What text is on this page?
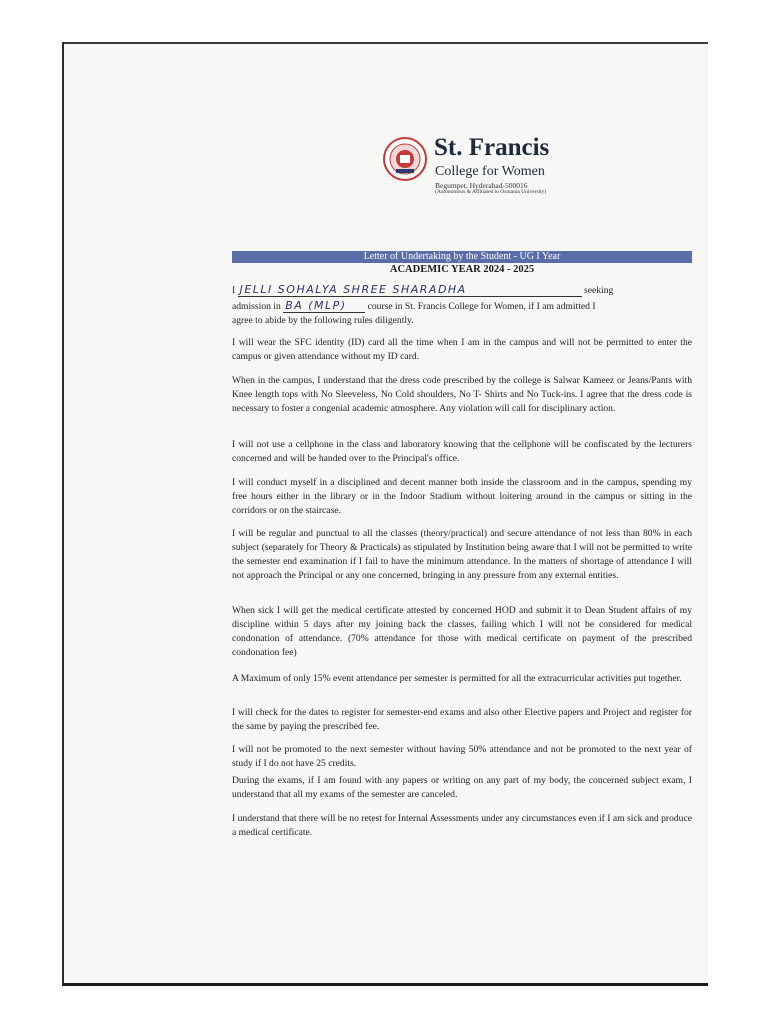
St. Francis
College for Women
Begumpet, Hyderabad-500016
(Autonomous & Affiliated to Osmania University)
Letter of Undertaking by the Student - UG I Year
ACADEMIC YEAR 2024 - 2025
I JELLI SOHALYA SHREE SHARADHA	seeking
admission in BA (MLP) course in St. Francis College for Women, if I am admitted I
agree to abide by the following rules diligently.
I will wear the SFC identity (ID) card all the time when I am in the campus and will not be permitted to enter the campus or given attendance without my ID card.
When in the campus, I understand that the dress code prescribed by the college is Salwar Kameez or Jeans/Pants with Knee length tops with No Sleeveless, No Cold shoulders, No T- Shirts and No Tuck-ins. I agree that the dress code is necessary to foster a congenial academic atmosphere. Any violation will call for disciplinary action.
I will not use a cellphone in the class and laboratory knowing that the cellphone will be confiscated by the lecturers concerned and will be handed over to the Principal's office.
I will conduct myself in a disciplined and decent manner both inside the classroom and in the campus, spending my free hours either in the library or in the Indoor Stadium without loitering around in the campus or sitting in the corridors or on the staircase.
I will be regular and punctual to all the classes (theory/practical) and secure attendance of not less than 80% in each subject (separately for Theory & Practicals) as stipulated by Institution being aware that I will not be permitted to write the semester end examination if I fail to have the minimum attendance. In the matters of shortage of attendance I will not approach the Principal or any one concerned, bringing in any pressure from any external entities.
When sick I will get the medical certificate attested by concerned HOD and submit it to Dean Student affairs of my discipline within 5 days after my joining back the classes, failing which I will not be considered for medical condonation of attendance. (70% attendance for those with medical certificate on payment of the prescribed condonation fee)
A Maximum of only 15% event attendance per semester is permitted for all the extracurricular activities put together.
I will check for the dates to register for semester-end exams and also other Elective papers and Project and register for the same by paying the prescribed fee.
I will not be promoted to the next semester without having 50% attendance and not be promoted to the next year of study if I do not have 25 credits.
During the exams, if I am found with any papers or writing on any part of my body, the concerned subject exam, I understand that all my exams of the semester are canceled.
I understand that there will be no retest for Internal Assessments under any circumstances even if I am sick and produce a medical certificate.
